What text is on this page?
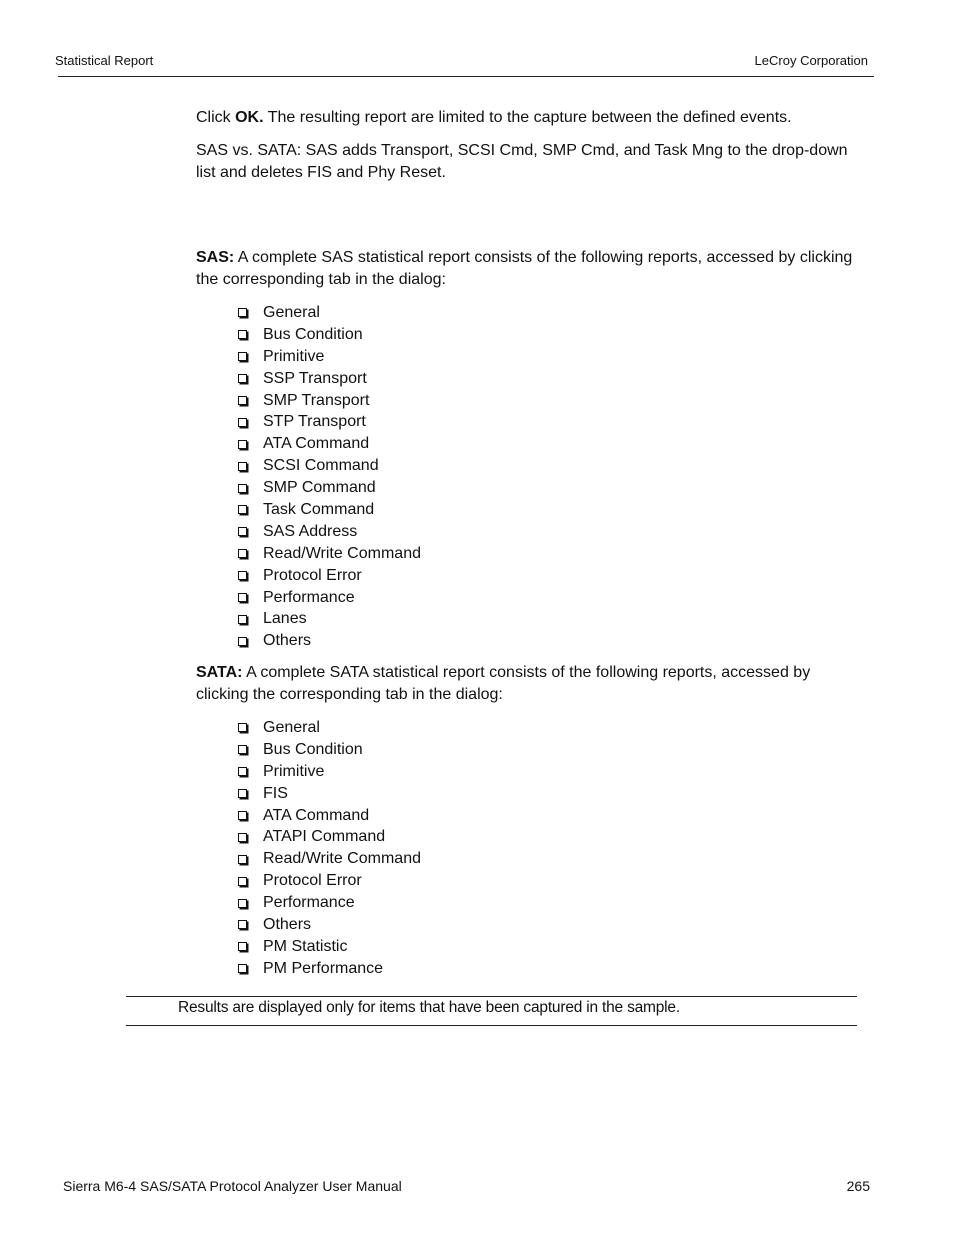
Statistical Report	LeCroy Corporation

Click OK. The resulting report are limited to the capture between the defined events.

SAS vs. SATA: SAS adds Transport, SCSI Cmd, SMP Cmd, and Task Mng to the drop-down list and deletes FIS and Phy Reset.

SAS: A complete SAS statistical report consists of the following reports, accessed by clicking the corresponding tab in the dialog:

General
Bus Condition
Primitive
SSP Transport
SMP Transport
STP Transport
ATA Command
SCSI Command
SMP Command
Task Command
SAS Address
Read/Write Command
Protocol Error
Performance
Lanes
Others

SATA: A complete SATA statistical report consists of the following reports, accessed by clicking the corresponding tab in the dialog:

General
Bus Condition
Primitive
FIS
ATA Command
ATAPI Command
Read/Write Command
Protocol Error
Performance
Others
PM Statistic
PM Performance
Results are displayed only for items that have been captured in the sample.
Sierra M6-4 SAS/SATA Protocol Analyzer User Manual	265
